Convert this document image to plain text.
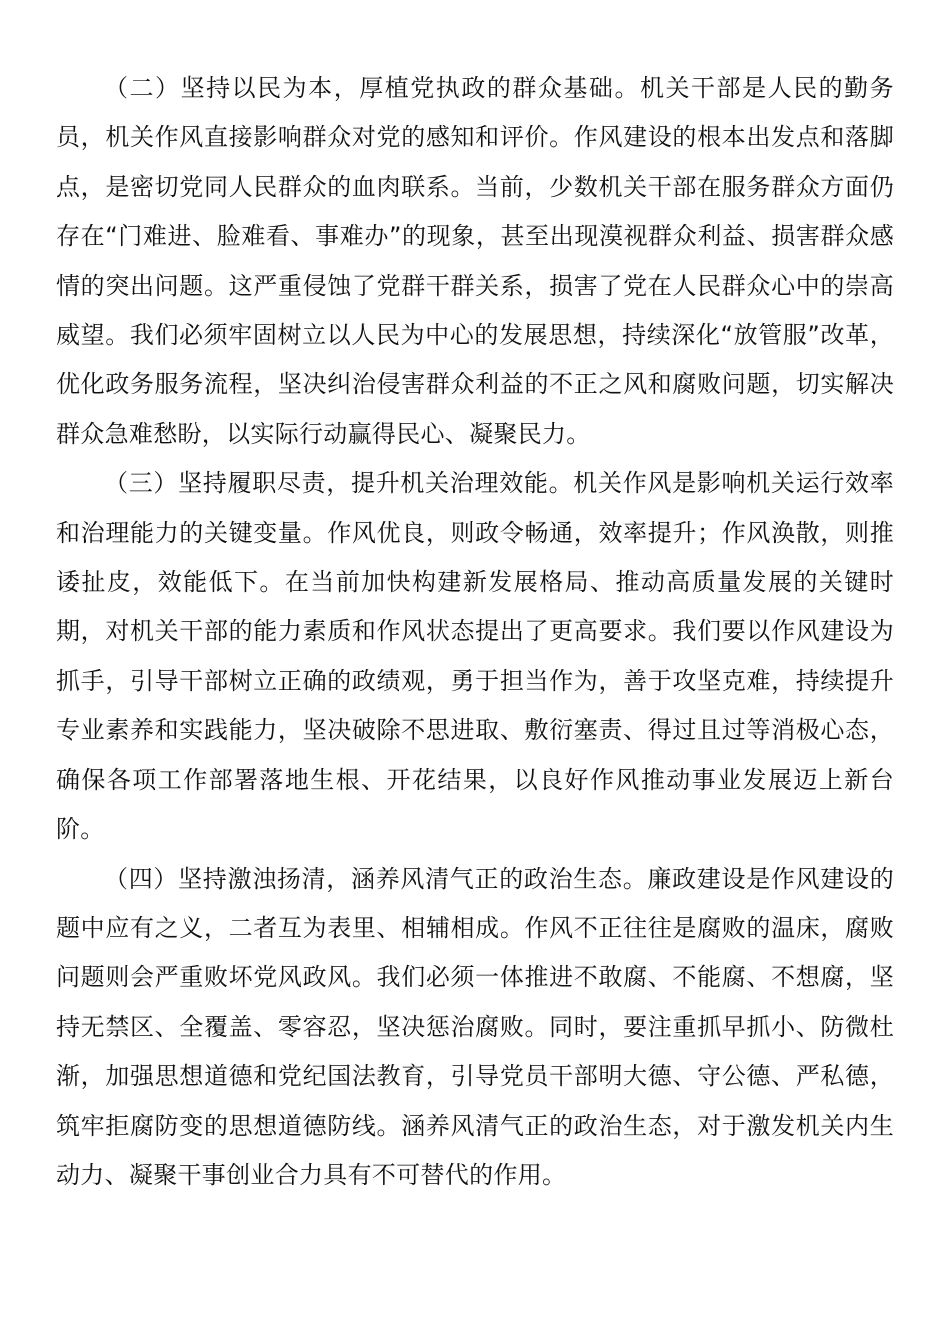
（二）坚持以民为本，厚植党执政的群众基础。机关干部是人民的勤务员，机关作风直接影响群众对党的感知和评价。作风建设的根本出发点和落脚点，是密切党同人民群众的血肉联系。当前，少数机关干部在服务群众方面仍存在“门难进、脸难看、事难办”的现象，甚至出现漠视群众利益、损害群众感情的突出问题。这严重侵蚀了党群干群关系，损害了党在人民群众心中的崇高威望。我们必须牢固树立以人民为中心的发展思想，持续深化“放管服”改革，优化政务服务流程，坚决纠治侵害群众利益的不正之风和腐败问题，切实解决群众急难愁盼，以实际行动赢得民心、凝聚民力。

（三）坚持履职尽责，提升机关治理效能。机关作风是影响机关运行效率和治理能力的关键变量。作风优良，则政令畅通，效率提升；作风涣散，则推诿扯皮，效能低下。在当前加快构建新发展格局、推动高质量发展的关键时期，对机关干部的能力素质和作风状态提出了更高要求。我们要以作风建设为抓手，引导干部树立正确的政绩观，勇于担当作为，善于攻坚克难，持续提升专业素养和实践能力，坚决破除不思进取、敷衍塞责、得过且过等消极心态，确保各项工作部署落地生根、开花结果，以良好作风推动事业发展迈上新台阶。

（四）坚持激浊扬清，涵养风清气正的政治生态。廉政建设是作风建设的题中应有之义，二者互为表里、相辅相成。作风不正往往是腐败的温床，腐败问题则会严重败坏党风政风。我们必须一体推进不敢腐、不能腐、不想腐，坚持无禁区、全覆盖、零容忍，坚决惩治腐败。同时，要注重抓早抓小、防微杜渐，加强思想道德和党纪国法教育，引导党员干部明大德、守公德、严私德，筑牢拒腐防变的思想道德防线。涵养风清气正的政治生态，对于激发机关内生动力、凝聚干事创业合力具有不可替代的作用。
